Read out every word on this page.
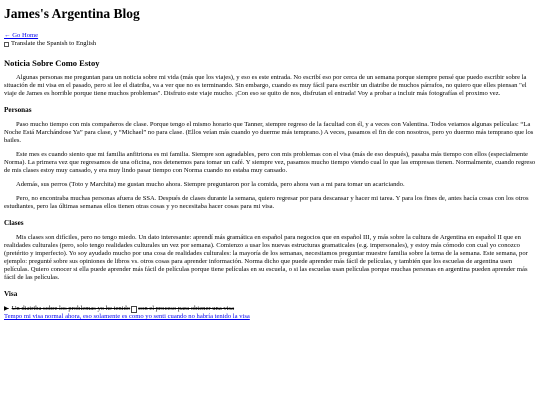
James's Argentina Blog
← Go Home
Translate the Spanish to English
Noticia Sobre Como Estoy

Algunas personas me preguntan para un noticia sobre mi vida (más que los viajes), y eso es este entrada. No escribí eso por cerca de un semana porque siempre pensé que puedo escribir sobre la situación de mi visa en el pasado, pero si lee el diatriba, va a ver que no es terminando. Sin embargo, cuando es muy fácil para escribir un diatribe de muchos párrafos, no quiero que elles piensan "el viaje de James es horrible porque tiene muchos problemas". Disfruto este viaje mucho. ¡Con eso se quito de nos, disfrutan el entrada! Voy a probar a incluir más fotografías el proximo vez.

Personas

Paso mucho tiempo con mis compañeros de clase. Porque tengo el mismo horario que Tanner, siempre regreso de la facultad con él, y a veces con Valentina. Todos veiamos algunas películas: “La Noche Está Marchándose Ya” para clase, y “Michael” no para clase. (Ellos veían más cuando yo duerme más temprano.) A veces, pasamos el fin de con nosotros, pero yo duermo más temprano que los bailes.

Este mes es cuando siento que mi familia anfitriona es mi familia. Siempre son agradables, pero con mis problemas con el visa (más de eso después), pasaba más tiempo con ellos (especialmente Norma). La primera vez que regresamos de una oficina, nos detenemos para tomar un café. Y siempre vez, pasamos mucho tiempo viendo cual lo que las empresas tienen. Normalmente, cuando regreso de mis clases estoy muy cansado, y era muy lindo pasar tiempo con Norma cuando no estaba muy cansado.

Además, sus perros (Toto y Marchita) me gustan mucho ahora. Siempre preguntaron por la comida, pero ahora van a mi para tomar un acariciando.

Pero, no encontraba muchas personas afuera de SSA. Después de clases durante la semana, quiero regresar por para descansar y hacer mi tarea. Y para los fines de, antes hacía cosas con los otros estudiantes, pero las últimas semanas ellos tienen otras cosas y yo necesitaba hacer cosas para mi visa.

Clases

Mis clases son difíciles, pero no tengo miedo. Un dato interesante: aprendí más gramática en español para negocios que en español III, y más sobre la cultura de Argentina en español II que en realidades culturales (pero, solo tengo realidades culturales un vez por semana). Comienzo a usar los nuevas estructuras gramaticales (e.g. impersonales), y estoy más cómodo con cual yo conozco (pretérito y imperfecto). Yo soy ayudado mucho por una cosa de realidades culturales: la mayoría de los semanas, necesitamos preguntar muestre familia sobre la tema de la semana. Este semana, por ejemplo: pregunté sobre sus opiniones de libros vs. otros cosas para aprender información. Norma dicho que puede aprender más fácil de películas, y también que los escuelas de argentina usen películas. Quiero conocer si ella puede aprender más fácil de películas porque tiene películas en su escuela, o si las escuelas usan películas porque muchas personas en argentina pueden aprender más fácil de las películas.

Visa
▶ Un diatriba sobre los problemas yo he tenido con el proceso para obtener una visa
Tempo mi visa normal ahora, eso solamente es como yo senti cuando no habría tenido la visa
